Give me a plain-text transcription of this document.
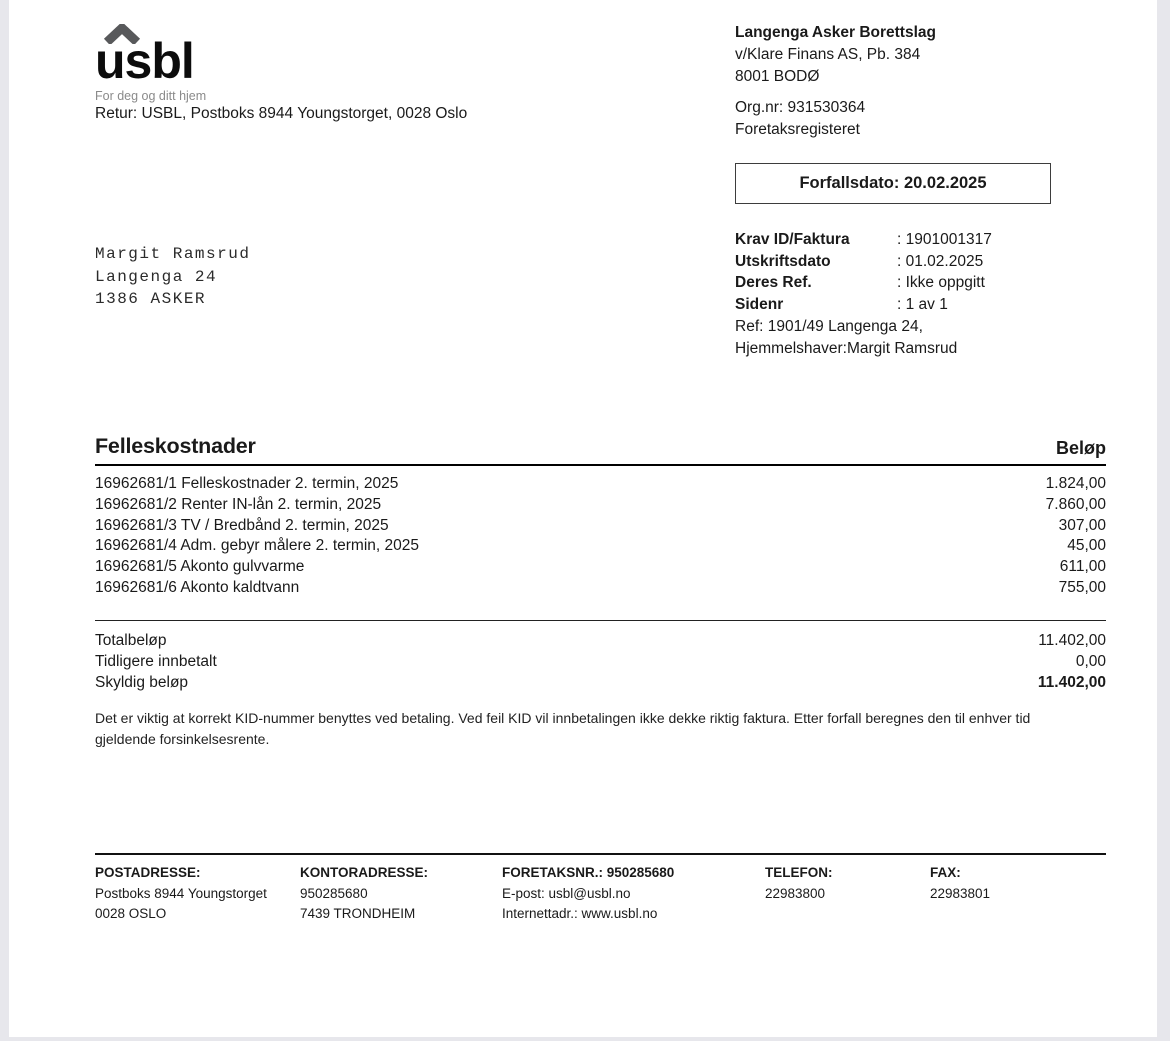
usbl
For deg og ditt hjem
Retur: USBL, Postboks 8944 Youngstorget, 0028 Oslo
Langenga Asker Borettslag
v/Klare Finans AS, Pb. 384
8001 BODØ
Org.nr: 931530364
Foretaksregisteret
Forfallsdato: 20.02.2025
Krav ID/Faktura	: 1901001317
Utskriftsdato	: 01.02.2025
Deres Ref.	: Ikke oppgitt
Sidenr	: 1 av 1
Ref: 1901/49 Langenga 24,
Hjemmelshaver:Margit Ramsrud
Margit Ramsrud
Langenga 24
1386 ASKER
Felleskostnader	Beløp
16962681/1 Felleskostnader 2. termin, 2025	1.824,00
16962681/2 Renter IN-lån 2. termin, 2025	7.860,00
16962681/3 TV / Bredbånd 2. termin, 2025	307,00
16962681/4 Adm. gebyr målere 2. termin, 2025	45,00
16962681/5 Akonto gulvvarme	611,00
16962681/6 Akonto kaldtvann	755,00
Totalbeløp	11.402,00
Tidligere innbetalt	0,00
Skyldig beløp	11.402,00
Det er viktig at korrekt KID-nummer benyttes ved betaling. Ved feil KID vil innbetalingen ikke dekke riktig faktura. Etter forfall beregnes den til enhver tid gjeldende forsinkelsesrente.
POSTADRESSE:
Postboks 8944 Youngstorget
0028 OSLO
KONTORADRESSE:
950285680
7439 TRONDHEIM
FORETAKSNR.: 950285680
E-post: usbl@usbl.no
Internettadr.: www.usbl.no
TELEFON:
22983800
FAX:
22983801
